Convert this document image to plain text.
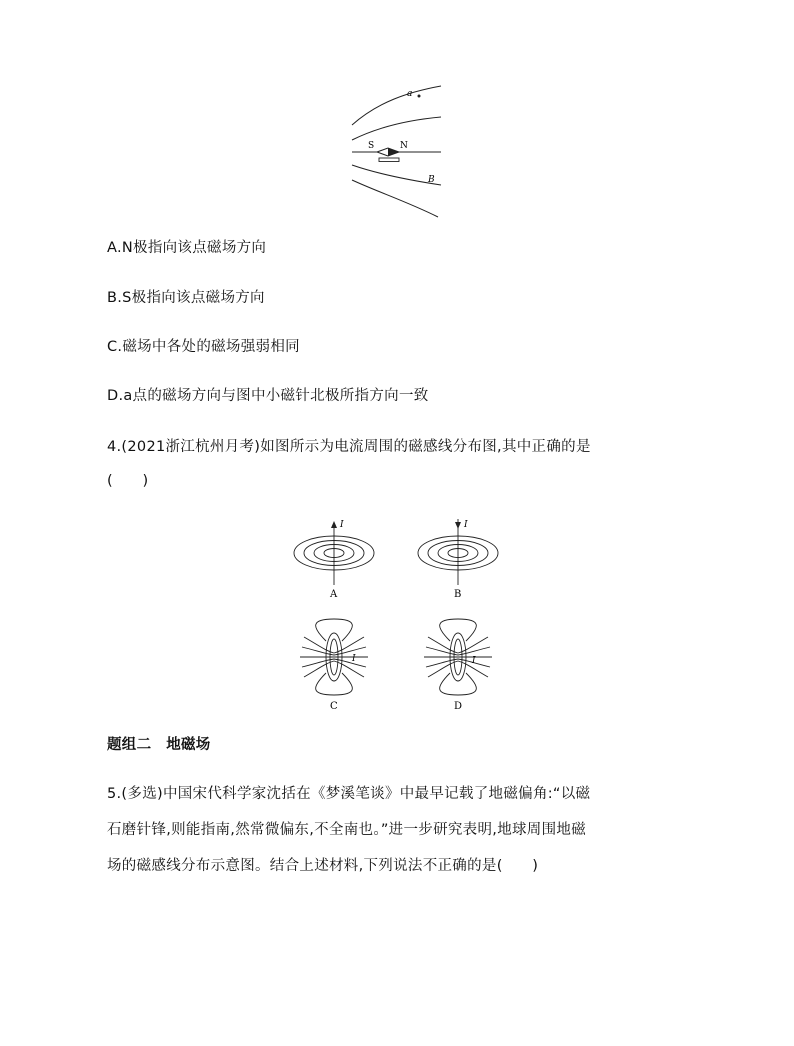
a
B
S	N
A.N极指向该点磁场方向
B.S极指向该点磁场方向
C.磁场中各处的磁场强弱相同
D.a点的磁场方向与图中小磁针北极所指方向一致
4.(2021浙江杭州月考)如图所示为电流周围的磁感线分布图,其中正确的是
(　　)
I
A
I
B
I
C
I
D
题组二　地磁场
5.(多选)中国宋代科学家沈括在《梦溪笔谈》中最早记载了地磁偏角:“以磁
石磨针锋,则能指南,然常微偏东,不全南也。”进一步研究表明,地球周围地磁
场的磁感线分布示意图。结合上述材料,下列说法不正确的是(　　)
